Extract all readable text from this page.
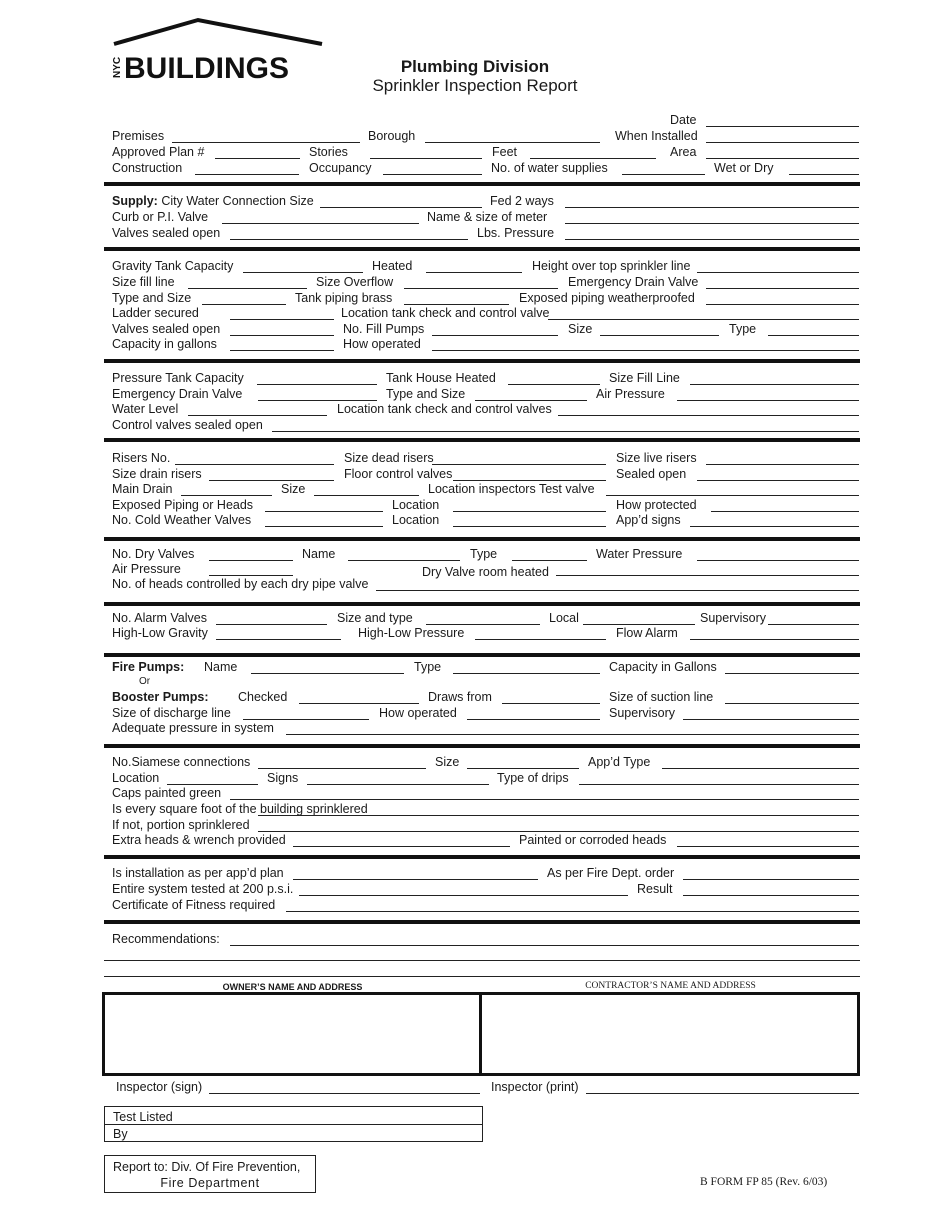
BUILDINGS
NYC	Plumbing Division
Sprinkler Inspection Report
Date
Premises	Borough	When Installed
Approved Plan #	Stories	Feet	Area
Construction	Occupancy	No. of water supplies	Wet or Dry
Supply: City Water Connection Size	Fed 2 ways
Curb or P.I. Valve	Name & size of meter
Valves sealed open	Lbs. Pressure
Gravity Tank Capacity	Heated	Height over top sprinkler line
Size fill line	Size Overflow	Emergency Drain Valve
Type and Size	Tank piping brass	Exposed piping weatherproofed
Ladder secured	Location tank check and control valve
Valves sealed open	No. Fill Pumps	Size	Type
Capacity in gallons	How operated
Pressure Tank Capacity	Tank House Heated	Size Fill Line
Emergency Drain Valve	Type and Size	Air Pressure
Water Level	Location tank check and control valves
Control valves sealed open
Risers No.	Size dead risers	Size live risers
Size drain risers	Floor control valves	Sealed open
Main Drain	Size	Location inspectors Test valve
Exposed Piping or Heads	Location	How protected
No. Cold Weather Valves	Location	App’d signs
No. Dry Valves	Name	Type	Water Pressure
Air Pressure	Dry Valve room heated
No. of heads controlled by each dry pipe valve
No. Alarm Valves	Size and type	Local	Supervisory
High-Low Gravity	High-Low Pressure	Flow Alarm
Fire Pumps: Name	Type	Capacity in Gallons
Or
Booster Pumps: Checked	Draws from	Size of suction line
Size of discharge line	How operated	Supervisory
Adequate pressure in system
No.Siamese connections	Size	App’d Type
Location	Signs	Type of drips
Caps painted green
Is every square foot of the building sprinklered
If not, portion sprinklered
Extra heads & wrench provided	Painted or corroded heads
Is installation as per app’d plan	As per Fire Dept. order
Entire system tested at 200 p.s.i.	Result
Certificate of Fitness required
Recommendations:
OWNER’S NAME AND ADDRESS	CONTRACTOR’S NAME AND ADDRESS
Inspector (sign)	Inspector (print)
Test Listed
By
Report to: Div. Of Fire Prevention,
Fire Department	B FORM FP 85 (Rev. 6/03)
